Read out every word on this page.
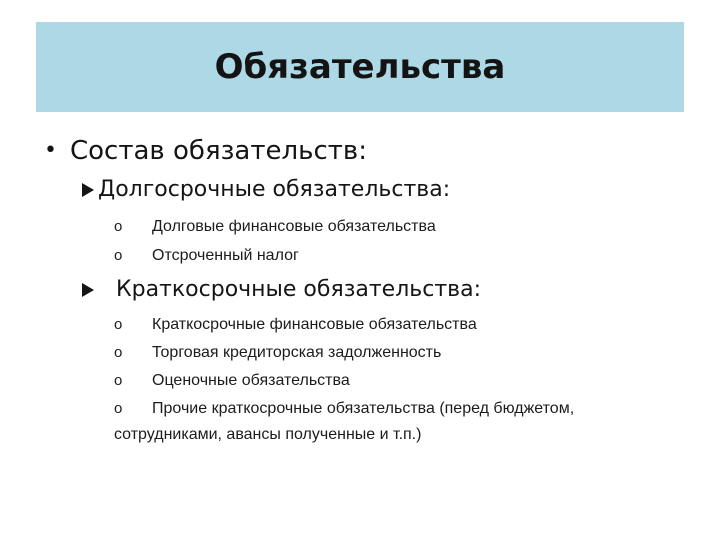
Обязательства
• Состав обязательств:
Долгосрочные обязательства:
o Долговые финансовые обязательства
o Отсроченный налог
Краткосрочные обязательства:
o Краткосрочные финансовые обязательства
o Торговая кредиторская задолженность
o Оценочные обязательства
o Прочие краткосрочные обязательства (перед бюджетом,
сотрудниками, авансы полученные и т.п.)
